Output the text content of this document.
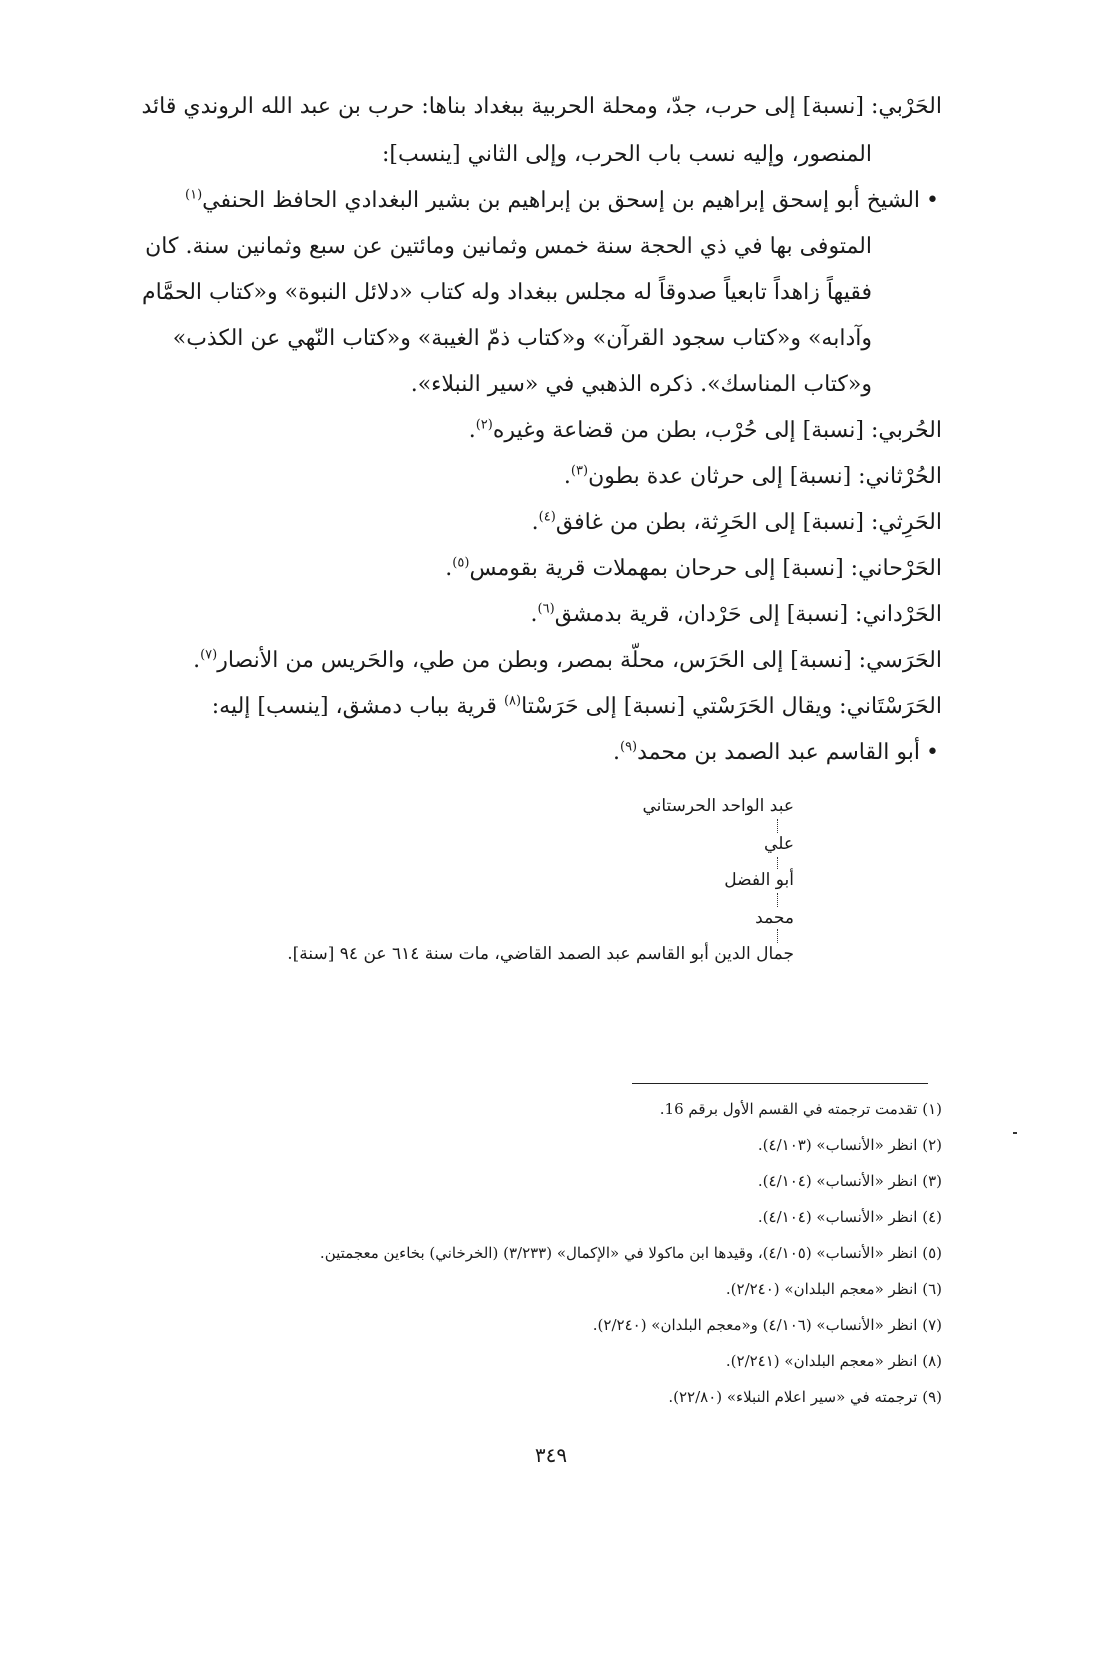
الحَرْبي: [نسبة] إلى حرب، جدّ، ومحلة الحربية ببغداد بناها: حرب بن عبد الله الروندي قائد
المنصور، وإليه نسب باب الحرب، وإلى الثاني [ينسب]:
• الشيخ أبو إسحق إبراهيم بن إسحق بن إبراهيم بن بشير البغدادي الحافظ الحنفي$^{(١)}$
المتوفى بها في ذي الحجة سنة خمس وثمانين ومائتين عن سبع وثمانين سنة. كان
فقيهاً زاهداً تابعياً صدوقاً له مجلس ببغداد وله كتاب «دلائل النبوة» و«كتاب الحمَّام
وآدابه» و«كتاب سجود القرآن» و«كتاب ذمّ الغيبة» و«كتاب النّهي عن الكذب»
و«كتاب المناسك». ذكره الذهبي في «سير النبلاء».
الحُربي: [نسبة] إلى حُرْب، بطن من قضاعة وغيره$^{(٢)}$.
الحُرْثاني: [نسبة] إلى حرثان عدة بطون$^{(٣)}$.
الحَرِثي: [نسبة] إلى الحَرِثة، بطن من غافق$^{(٤)}$.
الحَرْحاني: [نسبة] إلى حرحان بمهملات قرية بقومس$^{(٥)}$.
الحَرْداني: [نسبة] إلى حَرْدان، قرية بدمشق$^{(٦)}$.
الحَرَسي: [نسبة] إلى الحَرَس، محلّة بمصر، وبطن من طي، والحَريس من الأنصار$^{(٧)}$.
الحَرَسْتَاني: ويقال الحَرَسْتي [نسبة] إلى حَرَسْتا$^{(٨)}$ قرية بباب دمشق، [ينسب] إليه:
• أبو القاسم عبد الصمد بن محمد$^{(٩)}$.
عبد الواحد الحرستاني
علي
أبو الفضل
محمد
جمال الدين أبو القاسم عبد الصمد القاضي، مات سنة ٦١٤ عن ٩٤ [سنة].
(١) تقدمت ترجمته في القسم الأول برقم 16.
(٢) انظر «الأنساب» (٤/١٠٣).
(٣) انظر «الأنساب» (٤/١٠٤).
(٤) انظر «الأنساب» (٤/١٠٤).
(٥) انظر «الأنساب» (٤/١٠٥)، وقيدها ابن ماكولا في «الإكمال» (٣/٢٣٣) (الخرخاني) بخاءين معجمتين.
(٦) انظر «معجم البلدان» (٢/٢٤٠).
(٧) انظر «الأنساب» (٤/١٠٦) و«معجم البلدان» (٢/٢٤٠).
(٨) انظر «معجم البلدان» (٢/٢٤١).
(٩) ترجمته في «سير اعلام النبلاء» (٢٢/٨٠).
٣٤٩
